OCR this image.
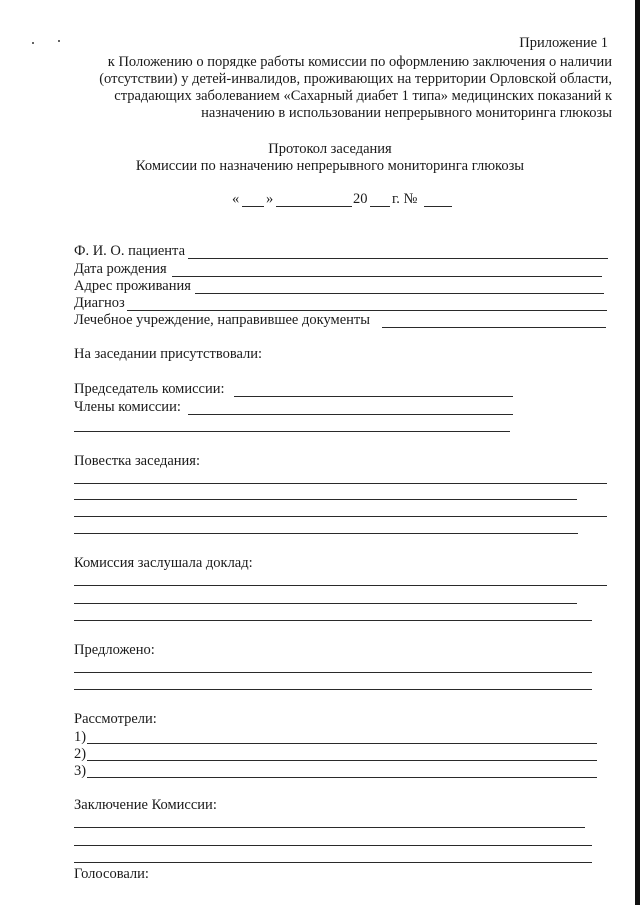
Приложение 1
к Положению о порядке работы комиссии по оформлению заключения о наличии
(отсутствии) у детей-инвалидов, проживающих на территории Орловской области,
страдающих заболеванием «Сахарный диабет 1 типа» медицинских показаний к
назначению в использовании непрерывного мониторинга глюкозы
Протокол заседания
Комиссии по назначению непрерывного мониторинга глюкозы
« »	20 г. №
Ф. И. О. пациента
Дата рождения
Адрес проживания
Диагноз
Лечебное учреждение, направившее документы
На заседании присутствовали:
Председатель комиссии:
Члены комиссии:
Повестка заседания:
Комиссия заслушала доклад:
Предложено:
Рассмотрели:
1)
2)
3)
Заключение Комиссии:
Голосовали:
